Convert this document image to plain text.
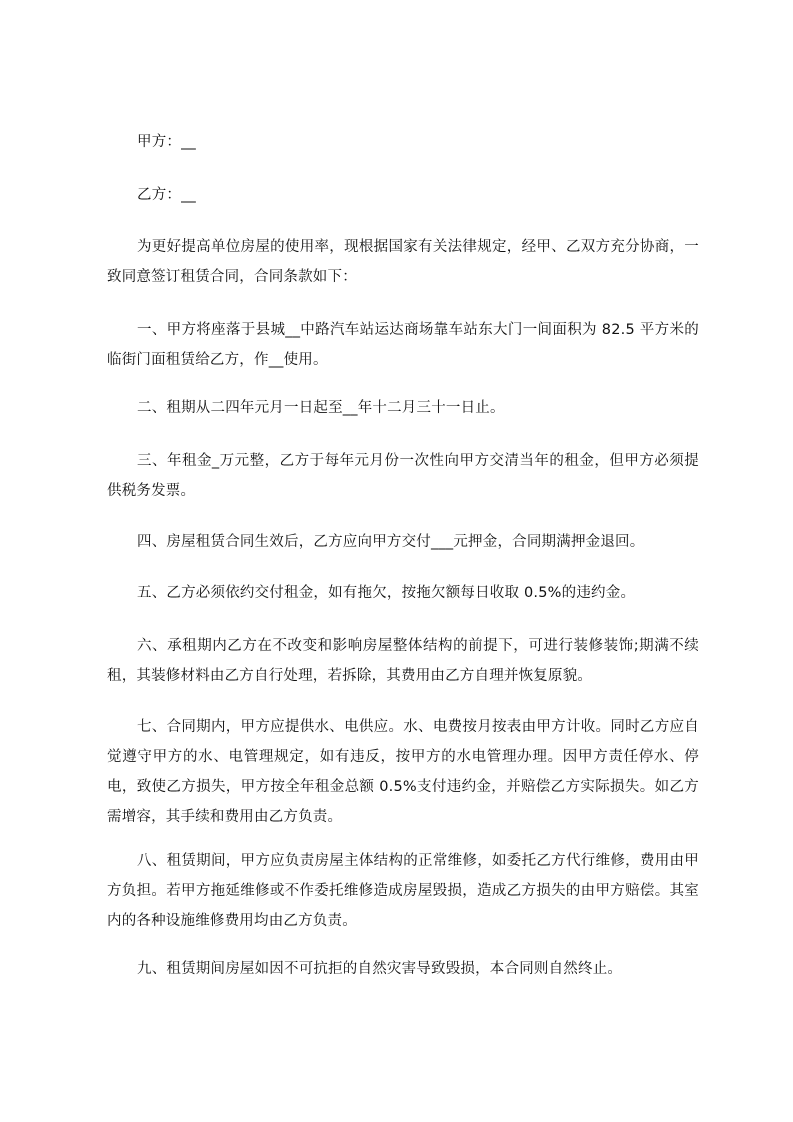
甲方：__

乙方：__

为更好提高单位房屋的使用率，现根据国家有关法律规定，经甲、乙双方充分协商，一致同意签订租赁合同，合同条款如下：

一、甲方将座落于县城__中路汽车站运达商场靠车站东大门一间面积为 82.5 平方米的临街门面租赁给乙方，作__使用。

二、租期从二四年元月一日起至__年十二月三十一日止。

三、年租金_万元整，乙方于每年元月份一次性向甲方交清当年的租金，但甲方必须提供税务发票。

四、房屋租赁合同生效后，乙方应向甲方交付___元押金，合同期满押金退回。

五、乙方必须依约交付租金，如有拖欠，按拖欠额每日收取 0.5%的违约金。

六、承租期内乙方在不改变和影响房屋整体结构的前提下，可进行装修装饰;期满不续租，其装修材料由乙方自行处理，若拆除，其费用由乙方自理并恢复原貌。

七、合同期内，甲方应提供水、电供应。水、电费按月按表由甲方计收。同时乙方应自觉遵守甲方的水、电管理规定，如有违反，按甲方的水电管理办理。因甲方责任停水、停电，致使乙方损失，甲方按全年租金总额 0.5%支付违约金，并赔偿乙方实际损失。如乙方需增容，其手续和费用由乙方负责。

八、租赁期间，甲方应负责房屋主体结构的正常维修，如委托乙方代行维修，费用由甲方负担。若甲方拖延维修或不作委托维修造成房屋毁损，造成乙方损失的由甲方赔偿。其室内的各种设施维修费用均由乙方负责。

九、租赁期间房屋如因不可抗拒的自然灾害导致毁损，本合同则自然终止。
